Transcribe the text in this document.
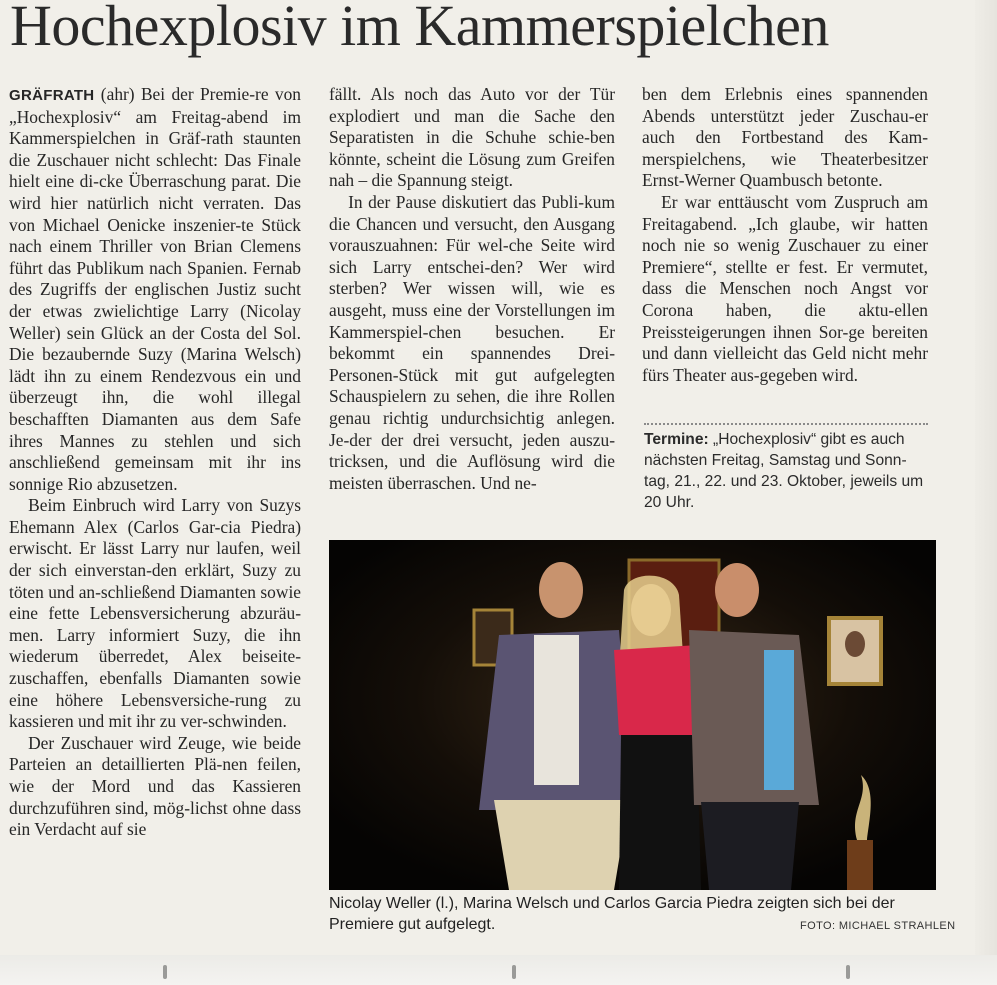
Hochexplosiv im Kammerspielchen

GRÄFRATH (ahr) Bei der Premie-re von „Hochexplosiv“ am Freitag-abend im Kammerspielchen in Gräf-rath staunten die Zuschauer nicht schlecht: Das Finale hielt eine di-cke Überraschung parat. Die wird hier natürlich nicht verraten. Das von Michael Oenicke inszenier-te Stück nach einem Thriller von Brian Clemens führt das Publikum nach Spanien. Fernab des Zugriffs der englischen Justiz sucht der etwas zwielichtige Larry (Nicolay Weller) sein Glück an der Costa del Sol. Die bezaubernde Suzy (Marina Welsch) lädt ihn zu einem Rendezvous ein und überzeugt ihn, die wohl illegal beschafften Diamanten aus dem Safe ihres Mannes zu stehlen und sich anschließend gemeinsam mit ihr ins sonnige Rio abzusetzen.

Beim Einbruch wird Larry von Suzys Ehemann Alex (Carlos Gar-cia Piedra) erwischt. Er lässt Larry nur laufen, weil der sich einverstan-den erklärt, Suzy zu töten und an-schließend Diamanten sowie eine fette Lebensversicherung abzuräu-men. Larry informiert Suzy, die ihn wiederum überredet, Alex beiseite-zuschaffen, ebenfalls Diamanten sowie eine höhere Lebensversiche-rung zu kassieren und mit ihr zu ver-schwinden.

Der Zuschauer wird Zeuge, wie beide Parteien an detaillierten Plä-nen feilen, wie der Mord und das Kassieren durchzuführen sind, mög-lichst ohne dass ein Verdacht auf sie

fällt. Als noch das Auto vor der Tür explodiert und man die Sache den Separatisten in die Schuhe schie-ben könnte, scheint die Lösung zum Greifen nah – die Spannung steigt.

In der Pause diskutiert das Publi-kum die Chancen und versucht, den Ausgang vorauszuahnen: Für wel-che Seite wird sich Larry entschei-den? Wer wird sterben? Wer wissen will, wie es ausgeht, muss eine der Vorstellungen im Kammerspiel-chen besuchen. Er bekommt ein spannendes Drei-Personen-Stück mit gut aufgelegten Schauspielern zu sehen, die ihre Rollen genau richtig undurchsichtig anlegen. Je-der der drei versucht, jeden auszu-tricksen, und die Auflösung wird die meisten überraschen. Und ne-

ben dem Erlebnis eines spannenden Abends unterstützt jeder Zuschau-er auch den Fortbestand des Kam-merspielchens, wie Theaterbesitzer Ernst-Werner Quambusch betonte.

Er war enttäuscht vom Zuspruch am Freitagabend. „Ich glaube, wir hatten noch nie so wenig Zuschauer zu einer Premiere“, stellte er fest. Er vermutet, dass die Menschen noch Angst vor Corona haben, die aktu-ellen Preissteigerungen ihnen Sor-ge bereiten und dann vielleicht das Geld nicht mehr fürs Theater aus-gegeben wird.

Termine: „Hochexplosiv“ gibt es auch nächsten Freitag, Samstag und Sonn-tag, 21., 22. und 23. Oktober, jeweils um 20 Uhr.
Nicolay Weller (l.), Marina Welsch und Carlos Garcia Piedra zeigten sich bei der Premiere gut aufgelegt.	FOTO: MICHAEL STRAHLEN
